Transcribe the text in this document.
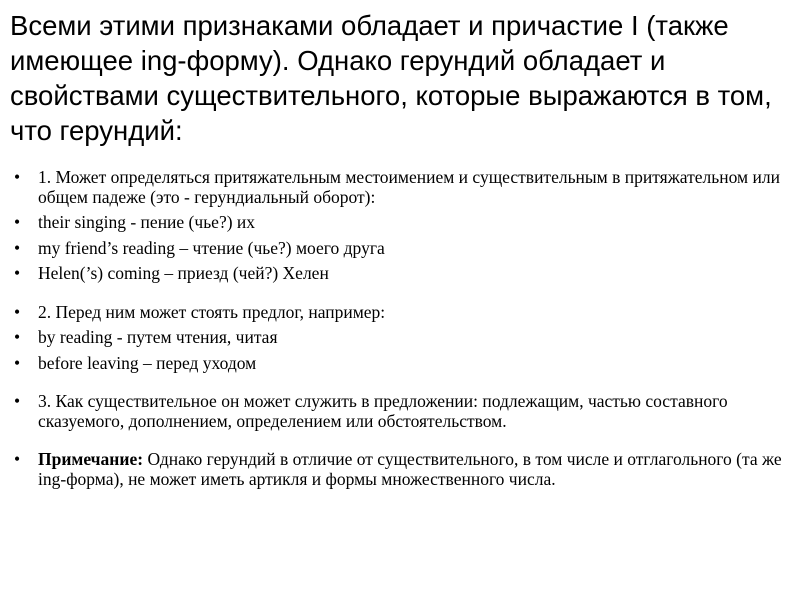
Всеми этими признаками обладает и причастие I (также имеющее ing-форму). Однако герундий обладает и свойствами существительного, которые выражаются в том, что герундий:
• 1. Может определяться притяжательным местоимением и существительным в притяжательном или общем падеже (это - герундиальный оборот):
• their singing - пение (чье?) их
• my friend’s reading – чтение (чье?) моего друга
• Helen(’s) coming – приезд (чей?) Хелен
• 2. Перед ним может стоять предлог, например:
• by reading - путем чтения, читая
• before leaving – перед уходом
• 3. Как существительное он может служить в предложении: подлежащим, частью составного сказуемого, дополнением, определением или обстоятельством.
• Примечание: Однако герундий в отличие от существительного, в том числе и отглагольного (та же ing-форма), не может иметь артикля и формы множественного числа.
